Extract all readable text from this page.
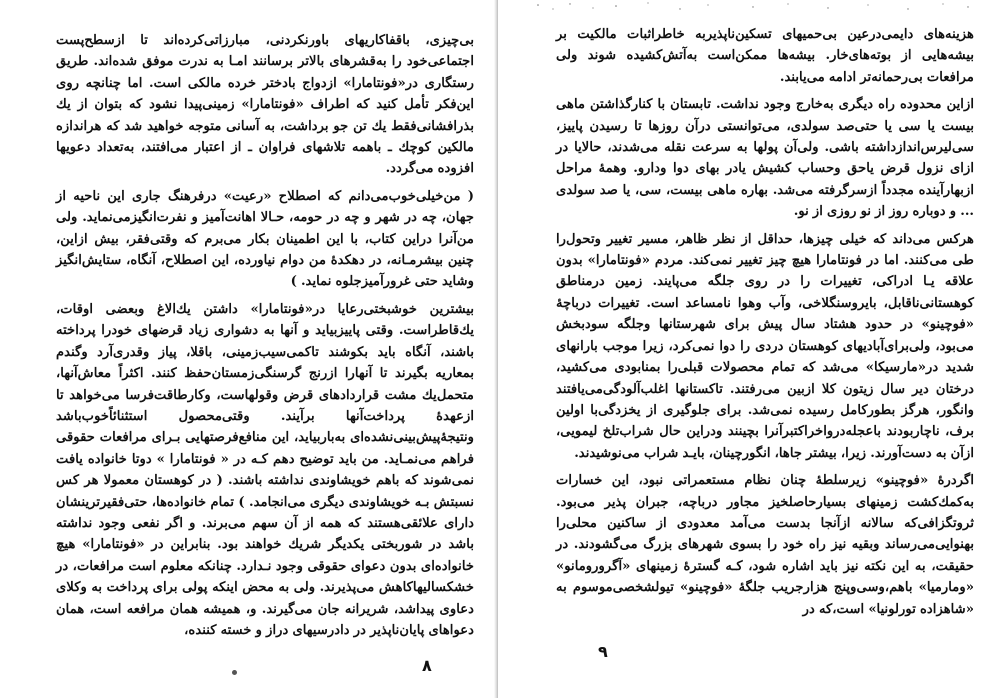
بی‌چیزی، باقفاکاریهای باورنکردنی، مبارزاتی‌کرده‌اند تا ازسطح‌پست اجتماعی‌خود را به‌قشرهای بالاتر برسانند امـا به ندرت موفق شده‌اند. طریق رستگاری در«فونتامارا» ازدواج بادختر خرده مالکی است. اما چنانچه روی این‌فکر تأمل کنید که اطراف «فونتامارا» زمینی‌پیدا نشود که بتوان از یك بذرافشانی‌فقط یك تن جو برداشت، به آسانی متوجه خواهید شد که هر‌اندازه مالکین کوچك ـ باهمه تلاشهای فراوان ـ از اعتبار می‌افتند، به‌تعداد دعویها افزوده می‌گردد.

( من‌خیلی‌خوب‌می‌دانم که اصطلاح «رعیت» درفرهنگ جاری این ناحیه از جهان، چه در شهر و چه در حومه، حـالا اهانت‌آمیز و نفرت‌انگیز‌می‌نماید. ولی من‌آنرا دراین کتاب، با این اطمینان بکار می‌برم که وقتی‌فقر، بیش ازاین، چنین بیشرمـانه، در دهکدهٔ من دوام نیاورده، این اصطلاح، آنگاه، ستایش‌انگیز وشاید حتی غرورآمیزجلوه نماید. )

بیشترین خوشبختی‌رعایا در«فونتامارا» داشتن یك‌الاغ وبعضی اوقات، یك‌قاطراست. وقتی پاییز‌بیاید و آنها به دشواری زیاد قرضهای خودرا پرداخته باشند، آنگاه باید بکوشند تاکمی‌سیب‌زمینی، باقلا، پیاز وقدری‌آرد وگندم بمعاریه بگیرند تا آنهارا ازرنج گرسنگی‌زمستان‌حفظ کنند. اکثراً معاش‌آنها، متحمل‌یك مشت قرار‌دادهای قرض وقولهاست، وکارطاقت‌فرسا می‌خواهد تا ازعهدهٔ پرداخت‌آنها برآیند. وقتی‌محصول استثنائاً‌خوب‌باشد ونتیجهٔ‌پیش‌بینی‌نشده‌ای به‌بار‌بیاید، این منافع‌فرصتهایی بـرای مرافعات حقوقی فراهم می‌نمـاید. من باید توضیح دهم کـه در « فونتامارا » دوتا خانواده یافت نمی‌شوند که باهم خویشاوندی نداشته باشند. ( در کوهستان معمولا هر کس نسبتش بـه خویشاوندی دیگری می‌انجامد. ) تمام خانواده‌ها، حتی‌فقیرترینشان دارای علائقی‌هستند که همه از آن سهم می‌برند. و اگر نفعی وجود نداشته باشد در شوربختی یکدیگر شریك خواهند بود. بنابراین در «فونتامارا» هیچ خانواده‌ای بدون دعوای حقوقی وجود نـدارد. چنانکه معلوم است مرافعات، در خشکسالیها‌کاهش می‌پذیرند. ولی به محض اینکه پولی برای پرداخت به وکلای دعاوی پیداشد، شریرانه جان می‌گیرند. و، همیشه همان مرافعه است، همان دعواهای پایان‌ناپذیر در دادرسیهای دراز و خسته کننده،

۸

هزینه‌های دایمی‌درعین بی‌حمیهای تسکین‌ناپذیربه خاطراثبات مالکیت بر بیشه‌هایی از بوته‌های‌خار. بیشه‌ها ممکن‌است به‌آتش‌کشیده شوند ولی مرافعات بی‌رحمانه‌تر ادامه می‌یابند.

ازاین محدوده راه دیگری به‌خارج وجود نداشت. تابستان با کنار‌گذاشتن ماهی بیست یا سی یا حتی‌صد سولدی، می‌توانستی درآن روزها تا رسیدن پاییز، سی‌لیرس‌انداز‌داشته باشی. ولی‌آن پولها به سرعت نقله می‌شدند، حالایا در ازای نزول قرض یاحق وحساب کشیش یادر بهای دوا ودارو. وهمهٔ مراحل ازبهارآینده مجدداً ازسرگرفته می‌شد. بهاره ماهی بیست، سی، یا صد سولدی ... و دوباره روز از نو روزی از نو.

هرکس می‌داند که خیلی چیزها، حداقل از نظر ظاهر، مسیر تغییر وتحول‌را طی می‌کنند. اما در فونتامارا هیچ چیز تغییر نمی‌کند. مردم «فونتامارا» بدون علاقه یـا ادراکی، تغییرات را در روی جلگه می‌پایند. زمین درمناطق کوهستانی‌ناقابل، بایرو‌سنگلاخی، وآب وهوا نامساعد است. تغییرات درباچهٔ «فوچینو» در حدود هشتاد سال پیش برای شهرستانها وجلگه سودبخش می‌بود، ولی‌برای‌آبادیهای کوهستان دردی را دوا نمی‌کرد، زیرا موجب بارانهای شدید در«مارسیکا» می‌شد که تمام محصولات قبلی‌را بمنابودی می‌کشید، درختان دیر سال زیتون کلا ازبین می‌رفتند. تاکستانها اغلب‌آلودگی‌می‌یافتند وانگور، هرگز بطورکامل رسیده نمی‌شد. برای جلوگیری از یخزدگی‌با اولین برف، ناچاربودند باعجله‌درواخرا‌کتبر‌آنرا بچینند ودراین حال شراب‌تلخ‌ لیمویی، ازآن به دست‌آورند. زیرا، بیشتر جاها، انگور‌چینان، بایـد شراب می‌نوشیدند.

اگردرهٔ «فوچینو» زیرسلطهٔ چنان نظام مستعمراتی نبود، این خسارات به‌کمك‌کشت زمینهای بسیار‌حاصلخیز مجاور درباچه، جبران پذیر می‌بود. ثروتگزافی‌که سالانه ازآنجا بدست می‌آمد معدودی از ساکنین محلی‌را بهنوایی‌می‌رساند وبقیه نیز راه خود را بسوی شهرهای بزرگ می‌گشودند. در حقیقت، به این نکته نیز باید اشاره شود، کـه گسترهٔ زمینهای «آگرورومانو» «ومارمیا» باهم،وسی‌وپنج هزارجریب جلگهٔ «فوچینو» تیولشخصی‌موسوم به «شاهزاده تورلونیا» است،که در

۹
